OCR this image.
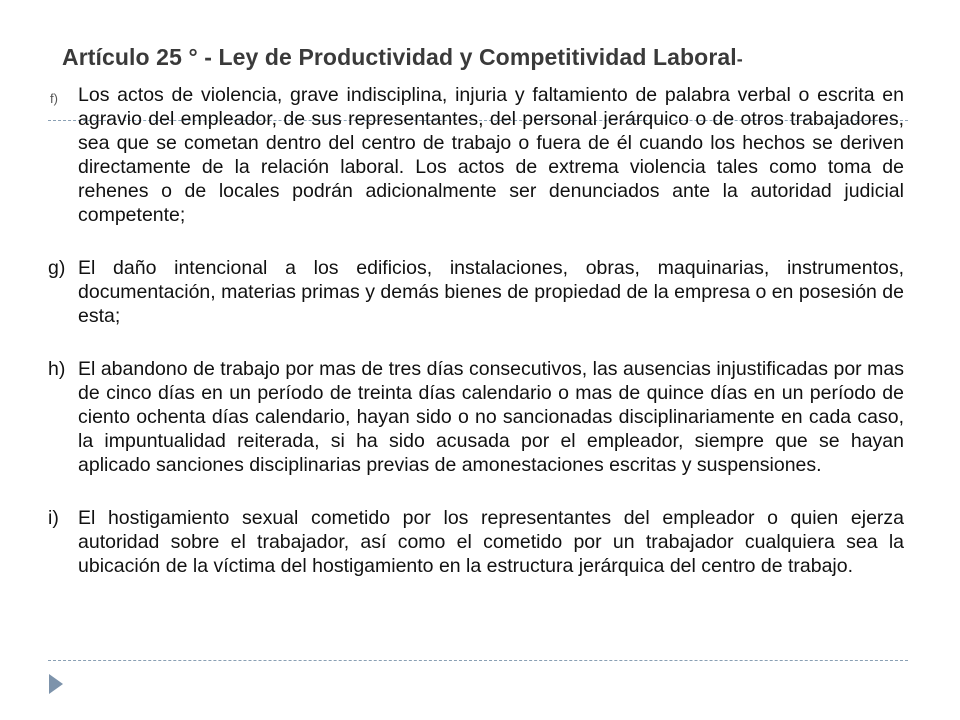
Artículo 25 ° - Ley de Productividad y Competitividad Laboral-

f) Los actos de violencia, grave indisciplina, injuria y faltamiento de palabra verbal o escrita en agravio del empleador, de sus representantes, del personal jerárquico o de otros trabajadores, sea que se cometan dentro del centro de trabajo o fuera de él cuando los hechos se deriven directamente de la relación laboral. Los actos de extrema violencia tales como toma de rehenes o de locales podrán adicionalmente ser denunciados ante la autoridad judicial competente;

g) El daño intencional a los edificios, instalaciones, obras, maquinarias, instrumentos, documentación, materias primas y demás bienes de propiedad de la empresa o en posesión de esta;

h) El abandono de trabajo por mas de tres días consecutivos, las ausencias injustificadas por mas de cinco días en un período de treinta días calendario o mas de quince días en un período de ciento ochenta días calendario, hayan sido o no sancionadas disciplinariamente en cada caso, la impuntualidad reiterada, si ha sido acusada por el empleador, siempre que se hayan aplicado sanciones disciplinarias previas de amonestaciones escritas y suspensiones.

i) El hostigamiento sexual cometido por los representantes del empleador o quien ejerza autoridad sobre el trabajador, así como el cometido por un trabajador cualquiera sea la ubicación de la víctima del hostigamiento en la estructura jerárquica del centro de trabajo.
